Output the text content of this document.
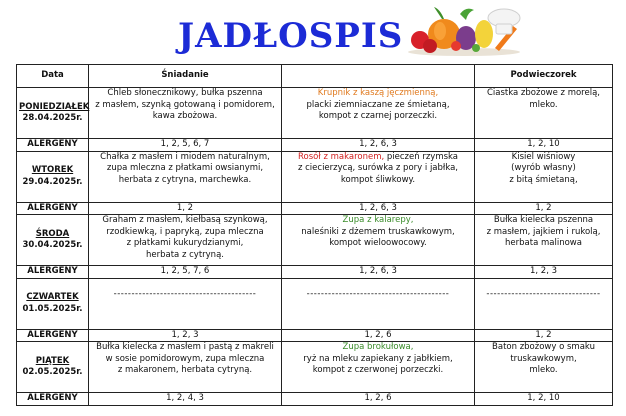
JADŁOSPIS
Data	Śniadanie		Podwieczorek

PONIEDZIAŁEK
28.04.2025r.	Chleb słonecznikowy, bułka pszenna
z masłem, szynką gotowaną i pomidorem,
kawa zbożowa.	Krupnik z kaszą jęczmienną,
placki ziemniaczane ze śmietaną,
kompot z czarnej porzeczki.	Ciastka zbożowe z morelą,
mleko.

ALERGENY	1, 2, 5, 6, 7	1, 2, 6, 3	1, 2, 10

WTOREK
29.04.2025r.	Chałka z masłem i miodem naturalnym,
zupa mleczna z płatkami owsianymi,
herbata z cytryna, marchewka.	Rosół z makaronem, pieczeń rzymska
z ciecierzycą, surówka z pory i jabłka,
kompot śliwkowy.	Kisiel wiśniowy
(wyrób własny)
z bitą śmietaną,

ALERGENY	1, 2	1, 2, 6, 3	1, 2

ŚRODA
30.04.2025r.	Graham z masłem, kiełbasą szynkową,
rzodkiewką, i papryką, zupa mleczna
z płatkami kukurydzianymi,
herbata z cytryną.	Zupa z kalarepy,
naleśniki z dżemem truskawkowym,
kompot wieloowocowy.	Bułka kielecka pszenna
z masłem, jajkiem i rukolą,
herbata malinowa

ALERGENY	1, 2, 5, 7, 6	1, 2, 6, 3	1, 2, 3

CZWARTEK
01.05.2025r.	----------------------------------------	----------------------------------------	--------------------------------

ALERGENY	1, 2, 3	1, 2, 6	1, 2

PIĄTEK
02.05.2025r.	Bułka kielecka z masłem i pastą z makreli
w sosie pomidorowym, zupa mleczna
z makaronem, herbata cytryną.	Zupa brokułowa,
ryż na mleku zapiekany z jabłkiem,
kompot z czerwonej porzeczki.	Baton zbożowy o smaku
truskawkowym,
mleko.

ALERGENY	1, 2, 4, 3	1, 2, 6	1, 2, 10
